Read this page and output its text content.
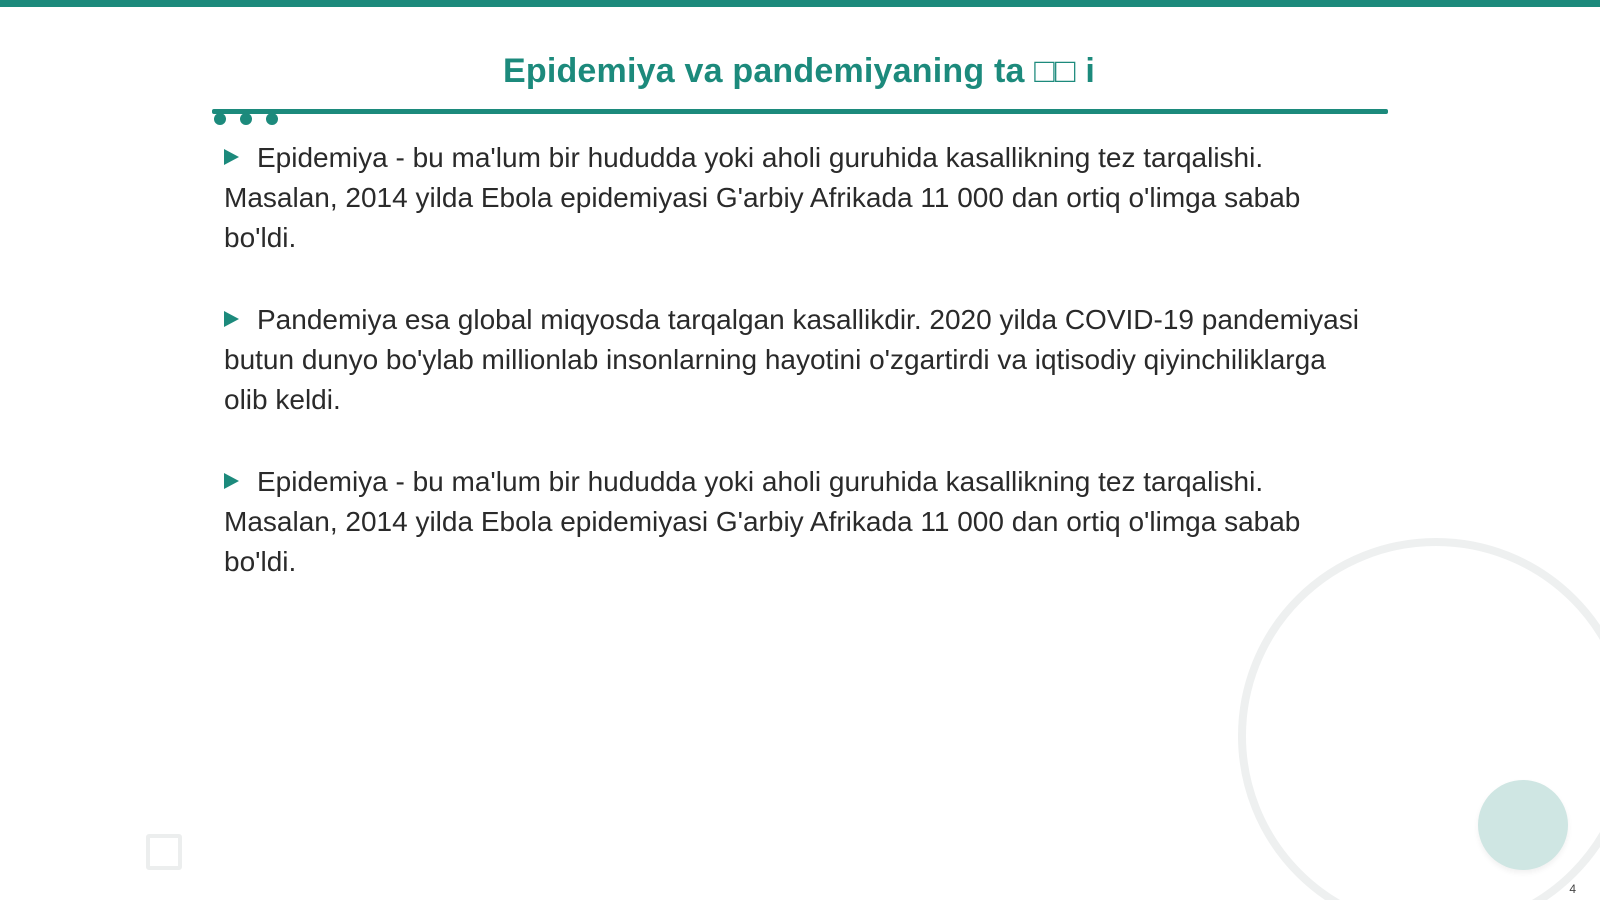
Epidemiya va pandemiyaning ta □□ i
Epidemiya - bu ma'lum bir hududda yoki aholi guruhida kasallikning tez tarqalishi. Masalan, 2014 yilda Ebola epidemiyasi G'arbiy Afrikada 11 000 dan ortiq o'limga sabab bo'ldi.
Pandemiya esa global miqyosda tarqalgan kasallikdir. 2020 yilda COVID-19 pandemiyasi butun dunyo bo'ylab millionlab insonlarning hayotini o'zgartirdi va iqtisodiy qiyinchiliklarga olib keldi.
Epidemiya - bu ma'lum bir hududda yoki aholi guruhida kasallikning tez tarqalishi. Masalan, 2014 yilda Ebola epidemiyasi G'arbiy Afrikada 11 000 dan ortiq o'limga sabab bo'ldi.
4
